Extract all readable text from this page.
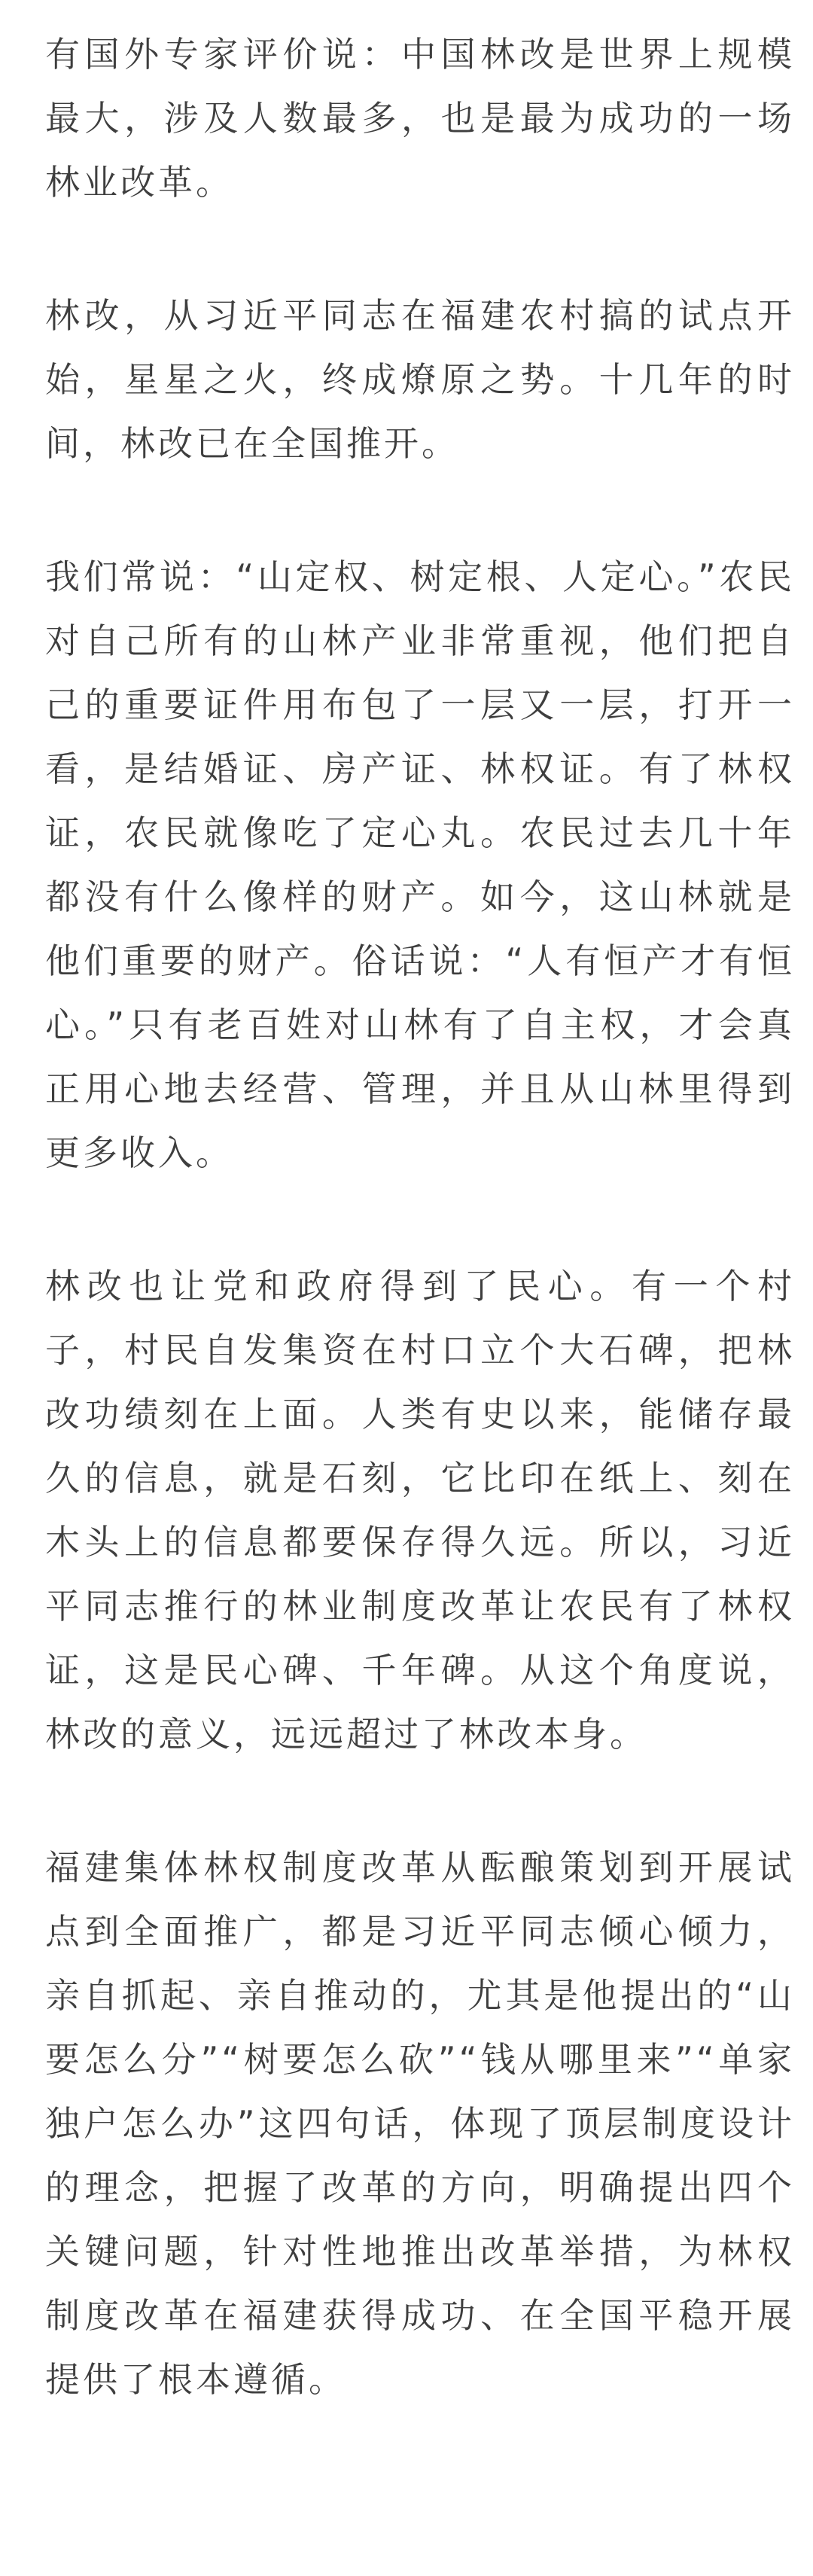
有国外专家评价说：中国林改是世界上规模最大，涉及人数最多，也是最为成功的一场林业改革。

林改，从习近平同志在福建农村搞的试点开始，星星之火，终成燎原之势。十几年的时间，林改已在全国推开。

我们常说：“山定权、树定根、人定心。”农民对自己所有的山林产业非常重视，他们把自己的重要证件用布包了一层又一层，打开一看，是结婚证、房产证、林权证。有了林权证，农民就像吃了定心丸。农民过去几十年都没有什么像样的财产。如今，这山林就是他们重要的财产。俗话说：“人有恒产才有恒心。”只有老百姓对山林有了自主权，才会真正用心地去经营、管理，并且从山林里得到更多收入。

林改也让党和政府得到了民心。有一个村子，村民自发集资在村口立个大石碑，把林改功绩刻在上面。人类有史以来，能储存最久的信息，就是石刻，它比印在纸上、刻在木头上的信息都要保存得久远。所以，习近平同志推行的林业制度改革让农民有了林权证，这是民心碑、千年碑。从这个角度说，林改的意义，远远超过了林改本身。

福建集体林权制度改革从酝酿策划到开展试点到全面推广，都是习近平同志倾心倾力，亲自抓起、亲自推动的，尤其是他提出的“山要怎么分”“树要怎么砍”“钱从哪里来”“单家独户怎么办”这四句话，体现了顶层制度设计的理念，把握了改革的方向，明确提出四个关键问题，针对性地推出改革举措，为林权制度改革在福建获得成功、在全国平稳开展提供了根本遵循。
